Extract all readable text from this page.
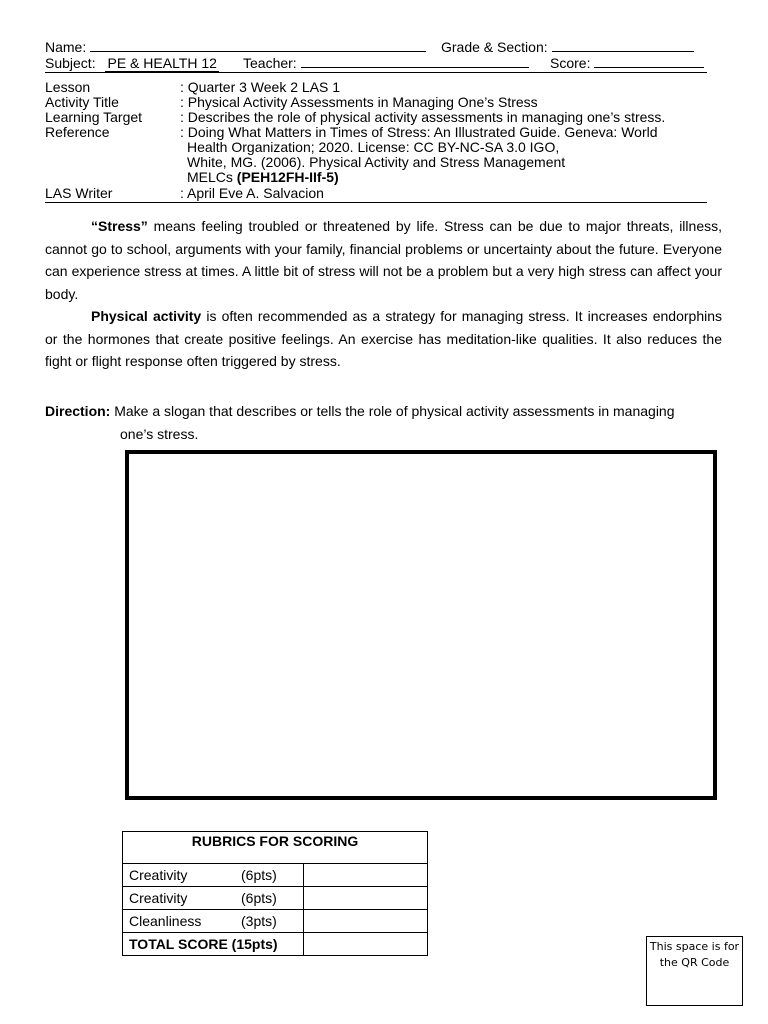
Name:	Grade & Section:
Subject: PE & HEALTH 12 Teacher:	Score:
Lesson	: Quarter 3 Week 2 LAS 1
Activity Title	: Physical Activity Assessments in Managing One’s Stress
Learning Target	: Describes the role of physical activity assessments in managing one’s stress.
Reference	: Doing What Matters in Times of Stress: An Illustrated Guide. Geneva: World
Health Organization; 2020. License: CC BY-NC-SA 3.0 IGO,
White, MG. (2006). Physical Activity and Stress Management
MELCs (PEH12FH-IIf-5)
LAS Writer	: April Eve A. Salvacion

“Stress” means feeling troubled or threatened by life. Stress can be due to major threats, illness, cannot go to school, arguments with your family, financial problems or uncertainty about the future. Everyone can experience stress at times. A little bit of stress will not be a problem but a very high stress can affect your body.

Physical activity is often recommended as a strategy for managing stress. It increases endorphins or the hormones that create positive feelings. An exercise has meditation-like qualities. It also reduces the fight or flight response often triggered by stress.

Direction: Make a slogan that describes or tells the role of physical activity assessments in managing
one’s stress.
RUBRICS FOR SCORING	
Creativity (6pts)	
Creativity (6pts)	
Cleanliness (3pts)	
TOTAL SCORE (15pts)		This space is for the QR Code
